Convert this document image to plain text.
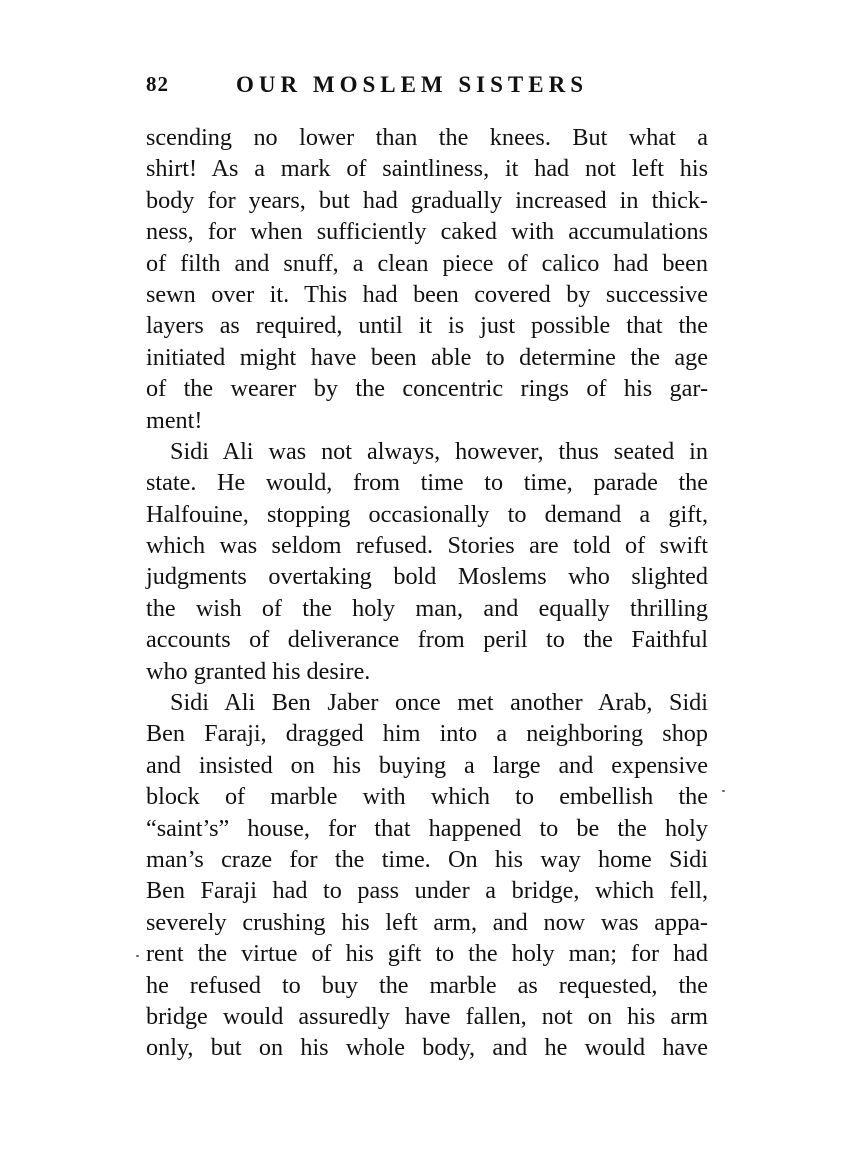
82	OUR MOSLEM SISTERS
scending no lower than the knees. But what a
shirt! As a mark of saintliness, it had not left his
body for years, but had gradually increased in thick-
ness, for when sufficiently caked with accumulations
of filth and snuff, a clean piece of calico had been
sewn over it. This had been covered by successive
layers as required, until it is just possible that the
initiated might have been able to determine the age
of the wearer by the concentric rings of his gar-
ment!
Sidi Ali was not always, however, thus seated in
state. He would, from time to time, parade the
Halfouine, stopping occasionally to demand a gift,
which was seldom refused. Stories are told of swift
judgments overtaking bold Moslems who slighted
the wish of the holy man, and equally thrilling
accounts of deliverance from peril to the Faithful
who granted his desire.
Sidi Ali Ben Jaber once met another Arab, Sidi
Ben Faraji, dragged him into a neighboring shop
and insisted on his buying a large and expensive
block of marble with which to embellish the
“saint’s” house, for that happened to be the holy
man’s craze for the time. On his way home Sidi
Ben Faraji had to pass under a bridge, which fell,
severely crushing his left arm, and now was appa-
rent the virtue of his gift to the holy man; for had
he refused to buy the marble as requested, the
bridge would assuredly have fallen, not on his arm
only, but on his whole body, and he would have
